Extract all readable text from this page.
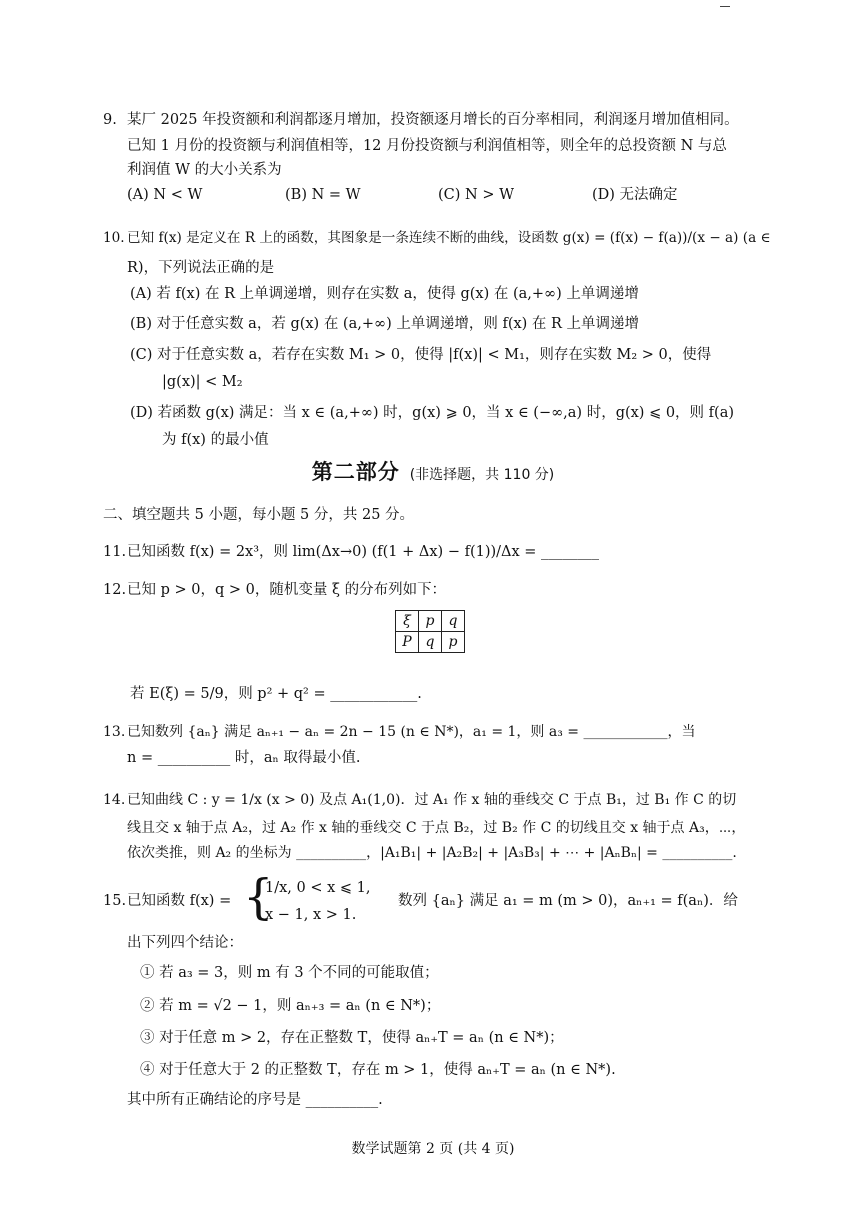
9. 某厂 2025 年投资额和利润都逐月增加，投资额逐月增长的百分率相同，利润逐月增加值相同。
已知 1 月份的投资额与利润值相等，12 月份投资额与利润值相等，则全年的总投资额 N 与总
利润值 W 的大小关系为
(A) N < W	(B) N = W	(C) N > W	(D) 无法确定
10. 已知 f(x) 是定义在 R 上的函数，其图象是一条连续不断的曲线，设函数 g(x) = (f(x) − f(a))/(x − a) (a ∈
R)，下列说法正确的是
(A) 若 f(x) 在 R 上单调递增，则存在实数 a，使得 g(x) 在 (a,+∞) 上单调递增
(B) 对于任意实数 a，若 g(x) 在 (a,+∞) 上单调递增，则 f(x) 在 R 上单调递增
(C) 对于任意实数 a，若存在实数 M₁ > 0，使得 |f(x)| < M₁，则存在实数 M₂ > 0，使得
|g(x)| < M₂
(D) 若函数 g(x) 满足：当 x ∈ (a,+∞) 时，g(x) ⩾ 0，当 x ∈ (−∞,a) 时，g(x) ⩽ 0，则 f(a)
为 f(x) 的最小值
第二部分 (非选择题，共 110 分)
二、填空题共 5 小题，每小题 5 分，共 25 分。
11.已知函数 f(x) = 2x³，则 lim(Δx→0) (f(1 + Δx) − f(1))/Δx = ________
12.已知 p > 0，q > 0，随机变量 ξ 的分布列如下：
ξ	p	q
P	q	p
若 E(ξ) = 5/9，则 p² + q² = ____________.
13. 已知数列 {aₙ} 满足 aₙ₊₁ − aₙ = 2n − 15 (n ∈ N*)，a₁ = 1，则 a₃ = ____________，当
n = __________ 时，aₙ 取得最小值.
14. 已知曲线 C : y = 1/x (x > 0) 及点 A₁(1,0)．过 A₁ 作 x 轴的垂线交 C 于点 B₁，过 B₁ 作 C 的切
线且交 x 轴于点 A₂，过 A₂ 作 x 轴的垂线交 C 于点 B₂，过 B₂ 作 C 的切线且交 x 轴于点 A₃，⋯，
依次类推，则 A₂ 的坐标为 __________，|A₁B₁| + |A₂B₂| + |A₃B₃| + ⋯ + |AₙBₙ| = __________.
15.已知函数 f(x) = {
1/x, 0 < x ⩽ 1,
x − 1, x > 1.
数列 {aₙ} 满足 a₁ = m (m > 0)，aₙ₊₁ = f(aₙ)．给
出下列四个结论：
① 若 a₃ = 3，则 m 有 3 个不同的可能取值；
② 若 m = √2 − 1，则 aₙ₊₃ = aₙ (n ∈ N*)；
③ 对于任意 m > 2，存在正整数 T，使得 aₙ₊T = aₙ (n ∈ N*)；
④ 对于任意大于 2 的正整数 T，存在 m > 1，使得 aₙ₊T = aₙ (n ∈ N*).
其中所有正确结论的序号是 __________.
数学试题第 2 页 (共 4 页)
